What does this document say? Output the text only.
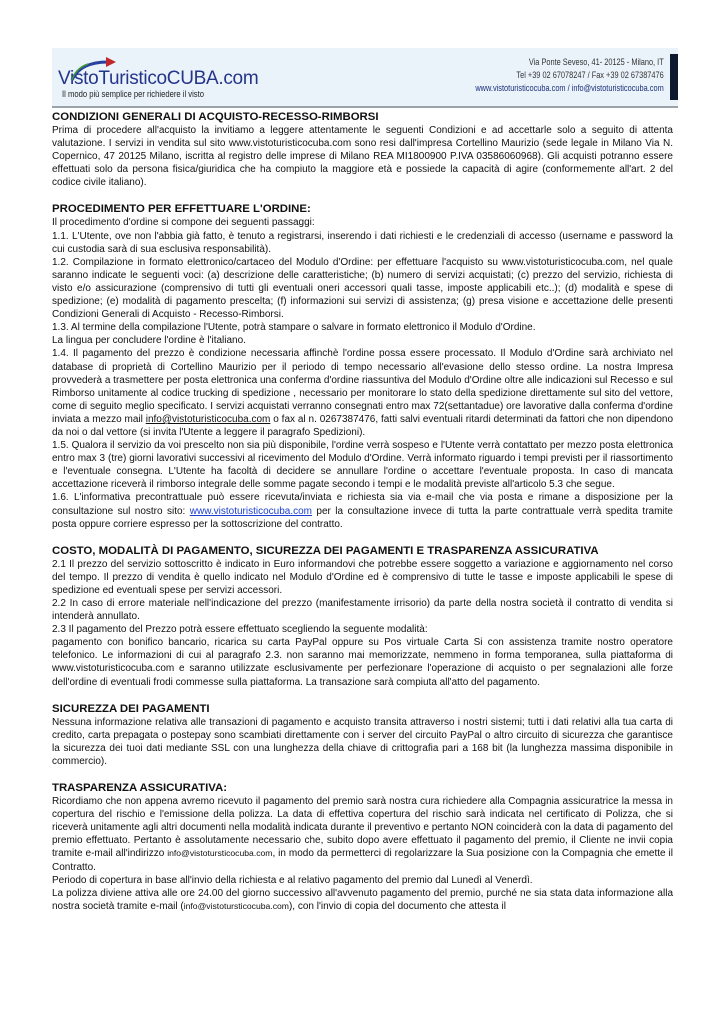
VistoTuristicoCUBA.com
Via Ponte Seveso, 41- 20125 - Milano, IT
Tel +39 02 67078247 / Fax +39 02 67387476
www.vistoturisticocuba.com / info@vistoturisticocuba.com
Il modo più semplice per richiedere il visto
CONDIZIONI GENERALI DI ACQUISTO-RECESSO-RIMBORSI

Prima di procedere all'acquisto la invitiamo a leggere attentamente le seguenti Condizioni e ad accettarle solo a seguito di attenta valutazione. I servizi in vendita sul sito www.vistoturisticocuba.com sono resi dall'impresa Cortellino Maurizio (sede legale in Milano Via N. Copernico, 47 20125 Milano, iscritta al registro delle imprese di Milano REA MI1800900 P.IVA 03586060968). Gli acquisti potranno essere effettuati solo da persona fisica/giuridica che ha compiuto la maggiore età e possiede la capacità di agire (conformemente all'art. 2 del codice civile italiano).

PROCEDIMENTO PER EFFETTUARE L'ORDINE:

Il procedimento d'ordine si compone dei seguenti passaggi:

1.1. L'Utente, ove non l'abbia già fatto, è tenuto a registrarsi, inserendo i dati richiesti e le credenziali di accesso (username e password la cui custodia sarà di sua esclusiva responsabilità).

1.2. Compilazione in formato elettronico/cartaceo del Modulo d'Ordine: per effettuare l'acquisto su www.vistoturisticocuba.com, nel quale saranno indicate le seguenti voci: (a) descrizione delle caratteristiche; (b) numero di servizi acquistati; (c) prezzo del servizio, richiesta di visto e/o assicurazione (comprensivo di tutti gli eventuali oneri accessori quali tasse, imposte applicabili etc..); (d) modalità e spese di spedizione; (e) modalità di pagamento prescelta; (f) informazioni sui servizi di assistenza; (g) presa visione e accettazione delle presenti Condizioni Generali di Acquisto - Recesso-Rimborsi.

1.3. Al termine della compilazione l'Utente, potrà stampare o salvare in formato elettronico il Modulo d'Ordine.

La lingua per concludere l'ordine è l'italiano.

1.4. Il pagamento del prezzo è condizione necessaria affinchè l'ordine possa essere processato. Il Modulo d'Ordine sarà archiviato nel database di proprietà di Cortellino Maurizio per il periodo di tempo necessario all'evasione dello stesso ordine. La nostra Impresa provvederà a trasmettere per posta elettronica una conferma d'ordine riassuntiva del Modulo d'Ordine oltre alle indicazioni sul Recesso e sul Rimborso unitamente al codice trucking di spedizione , necessario per monitorare lo stato della spedizione direttamente sul sito del vettore, come di seguito meglio specificato. I servizi acquistati verranno consegnati entro max 72(settantadue) ore lavorative dalla conferma d'ordine inviata a mezzo mail info@vistoturisticocuba.com o fax al n. 0267387476, fatti salvi eventuali ritardi determinati da fattori che non dipendono da noi o dal vettore (si invita l'Utente a leggere il paragrafo Spedizioni).

1.5. Qualora il servizio da voi prescelto non sia più disponibile, l'ordine verrà sospeso e l'Utente verrà contattato per mezzo posta elettronica entro max 3 (tre) giorni lavorativi successivi al ricevimento del Modulo d'Ordine. Verrà informato riguardo i tempi previsti per il riassortimento e l'eventuale consegna. L'Utente ha facoltà di decidere se annullare l'ordine o accettare l'eventuale proposta. In caso di mancata accettazione riceverà il rimborso integrale delle somme pagate secondo i tempi e le modalità previste all'articolo 5.3 che segue.

1.6. L'informativa precontrattuale può essere ricevuta/inviata e richiesta sia via e-mail che via posta e rimane a disposizione per la consultazione sul nostro sito: www.vistoturisticocuba.com per la consultazione invece di tutta la parte contrattuale verrà spedita tramite posta oppure corriere espresso per la sottoscrizione del contratto.

COSTO, MODALITÀ DI PAGAMENTO, SICUREZZA DEI PAGAMENTI E TRASPARENZA ASSICURATIVA

2.1 Il prezzo del servizio sottoscritto è indicato in Euro informandovi che potrebbe essere soggetto a variazione e aggiornamento nel corso del tempo. Il prezzo di vendita è quello indicato nel Modulo d'Ordine ed è comprensivo di tutte le tasse e imposte applicabili le spese di spedizione ed eventuali spese per servizi accessori.

2.2 In caso di errore materiale nell'indicazione del prezzo (manifestamente irrisorio) da parte della nostra società il contratto di vendita si intenderà annullato.

2.3 Il pagamento del Prezzo potrà essere effettuato scegliendo la seguente modalità:

pagamento con bonifico bancario, ricarica su carta PayPal oppure su Pos virtuale Carta Si con assistenza tramite nostro operatore telefonico. Le informazioni di cui al paragrafo 2.3. non saranno mai memorizzate, nemmeno in forma temporanea, sulla piattaforma di www.vistoturisticocuba.com e saranno utilizzate esclusivamente per perfezionare l'operazione di acquisto o per segnalazioni alle forze dell'ordine di eventuali frodi commesse sulla piattaforma. La transazione sarà compiuta all'atto del pagamento.

SICUREZZA DEI PAGAMENTI

Nessuna informazione relativa alle transazioni di pagamento e acquisto transita attraverso i nostri sistemi; tutti i dati relativi alla tua carta di credito, carta prepagata o postepay sono scambiati direttamente con i server del circuito PayPal o altro circuito di sicurezza che garantisce la sicurezza dei tuoi dati mediante SSL con una lunghezza della chiave di crittografia pari a 168 bit (la lunghezza massima disponibile in commercio).

TRASPARENZA ASSICURATIVA:

Ricordiamo che non appena avremo ricevuto il pagamento del premio sarà nostra cura richiedere alla Compagnia assicuratrice la messa in copertura del rischio e l'emissione della polizza. La data di effettiva copertura del rischio sarà indicata nel certificato di Polizza, che si riceverà unitamente agli altri documenti nella modalità indicata durante il preventivo e pertanto NON coinciderà con la data di pagamento del premio effettuato. Pertanto è assolutamente necessario che, subito dopo avere effettuato il pagamento del premio, il Cliente ne invii copia tramite e-mail all'indirizzo info@vistotursticocuba.com, in modo da permetterci di regolarizzare la Sua posizione con la Compagnia che emette il Contratto.

Periodo di copertura in base all'invio della richiesta e al relativo pagamento del premio dal Lunedì al Venerdì.

La polizza diviene attiva alle ore 24.00 del giorno successivo all'avvenuto pagamento del premio, purché ne sia stata data informazione alla nostra società tramite e-mail (info@vistotursticocuba.com), con l'invio di copia del documento che attesta il
